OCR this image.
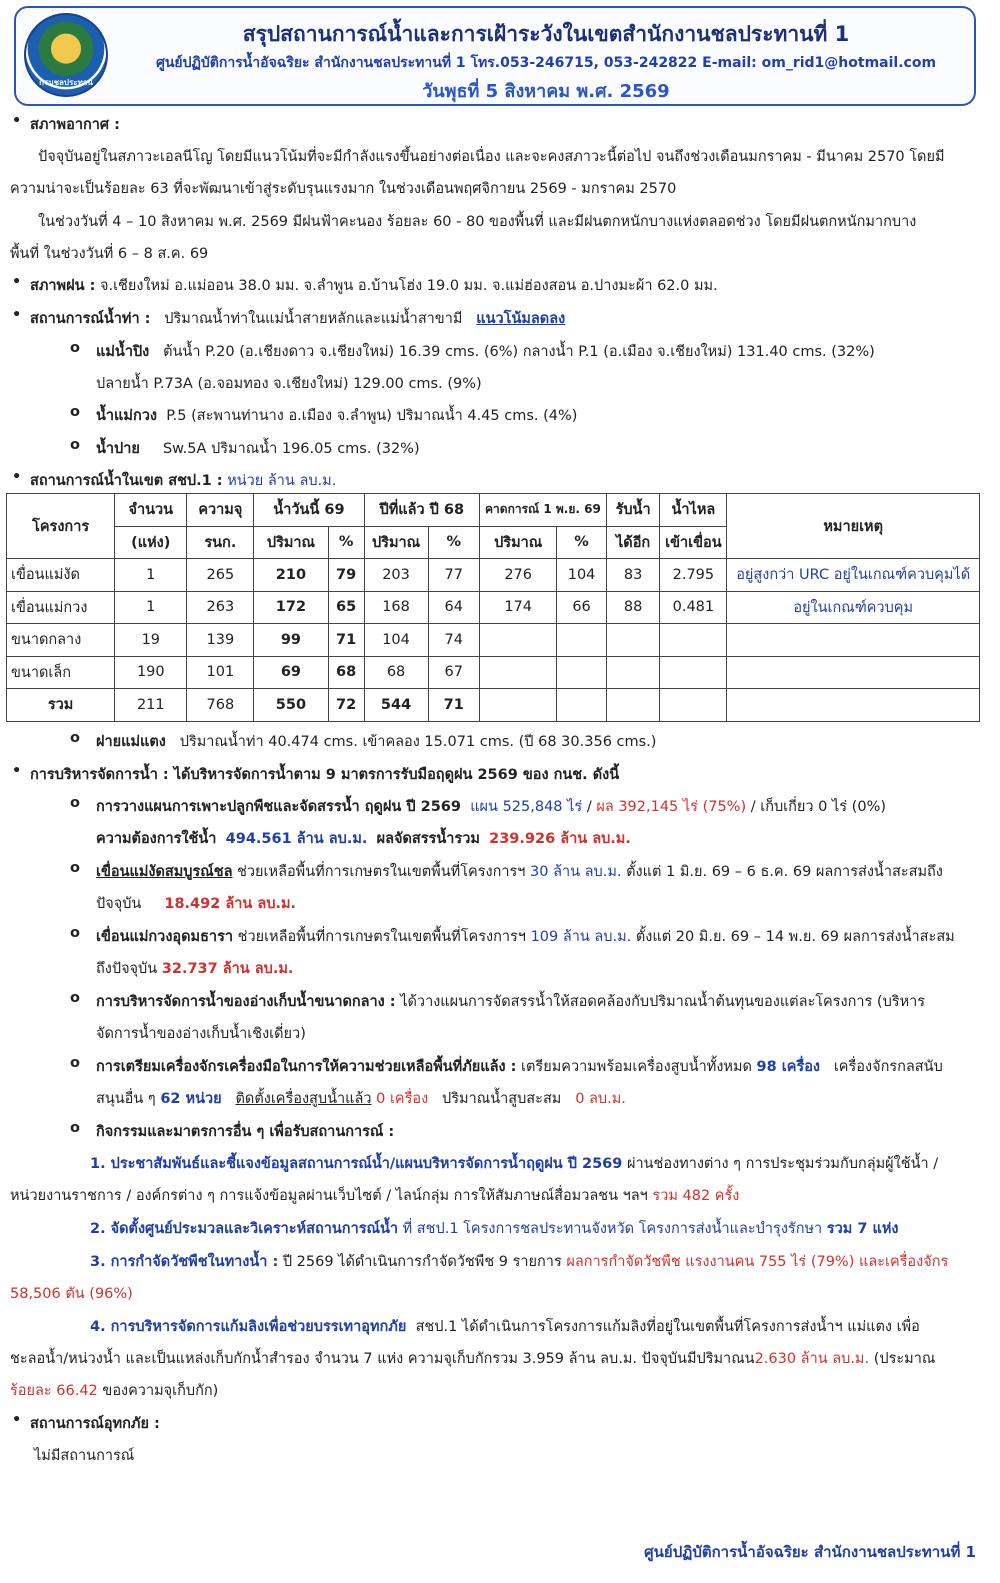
กรมชลประทาน
สรุปสถานการณ์น้ำและการเฝ้าระวังในเขตสำนักงานชลประทานที่ 1
ศูนย์ปฏิบัติการน้ำอัจฉริยะ สำนักงานชลประทานที่ 1 โทร.053-246715, 053-242822 E-mail: om_rid1@hotmail.com
วันพุธที่ 5 สิงหาคม พ.ศ. 2569
• สภาพอากาศ :
ปัจจุบันอยู่ในสภาวะเอลนีโญ โดยมีแนวโน้มที่จะมีกำลังแรงขึ้นอย่างต่อเนื่อง และจะคงสภาวะนี้ต่อไป จนถึงช่วงเดือนมกราคม - มีนาคม 2570 โดยมี
ความน่าจะเป็นร้อยละ 63 ที่จะพัฒนาเข้าสู่ระดับรุนแรงมาก ในช่วงเดือนพฤศจิกายน 2569 - มกราคม 2570
ในช่วงวันที่ 4 – 10 สิงหาคม พ.ศ. 2569 มีฝนฟ้าคะนอง ร้อยละ 60 - 80 ของพื้นที่ และมีฝนตกหนักบางแห่งตลอดช่วง โดยมีฝนตกหนักมากบาง
พื้นที่ ในช่วงวันที่ 6 – 8 ส.ค. 69
สภาพฝน : จ.เชียงใหม่ อ.แม่ออน 38.0 มม. จ.ลำพูน อ.บ้านโฮ่ง 19.0 มม. จ.แม่ฮ่องสอน อ.ปางมะผ้า 62.0 มม.
•
• สถานการณ์น้ำท่า : ปริมาณน้ำท่าในแม่น้ำสายหลักและแม่น้ำสาขามี แนวโน้มลดลง
o แม่น้ำปิง ต้นน้ำ P.20 (อ.เชียงดาว จ.เชียงใหม่) 16.39 cms. (6%) กลางน้ำ P.1 (อ.เมือง จ.เชียงใหม่) 131.40 cms. (32%)
ปลายน้ำ P.73A (อ.จอมทอง จ.เชียงใหม่) 129.00 cms. (9%)
o น้ำแม่กวง P.5 (สะพานท่านาง อ.เมือง จ.ลำพูน) ปริมาณน้ำ 4.45 cms. (4%)
o น้ำปาย Sw.5A ปริมาณน้ำ 196.05 cms. (32%)
• สถานการณ์น้ำในเขต สชป.1 : หน่วย ล้าน ลบ.ม.
โครงการ	จำนวน	ความจุ	น้ำวันนี้ 69		ปีที่แล้ว ปี 68		คาดการณ์ 1 พ.ย. 69		รับน้ำ	น้ำไหล	หมายเหตุ
	(แห่ง)	รนก.	ปริมาณ	%	ปริมาณ	%	ปริมาณ	%	ได้อีก	เข้าเขื่อน	
เขื่อนแม่งัด	1	265	210	79	203	77	276	104	83	2.795	อยู่สูงกว่า URC อยู่ในเกณฑ์ควบคุมได้
เขื่อนแม่กวง	1	263	172	65	168	64	174	66	88	0.481	อยู่ในเกณฑ์ควบคุม
ขนาดกลาง	19	139	99	71	104	74					
ขนาดเล็ก	190	101	69	68	68	67					
รวม	211	768	550	72	544	71					
o ฝายแม่แตง ปริมาณน้ำท่า 40.474 cms. เข้าคลอง 15.071 cms. (ปี 68 30.356 cms.)
• การบริหารจัดการน้ำ : ได้บริหารจัดการน้ำตาม 9 มาตรการรับมือฤดูฝน 2569 ของ กนช. ดังนี้
o การวางแผนการเพาะปลูกพืชและจัดสรรน้ำ ฤดูฝน ปี 2569 แผน 525,848 ไร่ / ผล 392,145 ไร่ (75%) / เก็บเกี่ยว 0 ไร่ (0%)
ความต้องการใช้น้ำ 494.561 ล้าน ลบ.ม. ผลจัดสรรน้ำรวม 239.926 ล้าน ลบ.ม.
o เขื่อนแม่งัดสมบูรณ์ชล ช่วยเหลือพื้นที่การเกษตรในเขตพื้นที่โครงการฯ 30 ล้าน ลบ.ม. ตั้งแต่ 1 มิ.ย. 69 – 6 ธ.ค. 69 ผลการส่งน้ำสะสมถึง
ปัจจุบัน 18.492 ล้าน ลบ.ม.
o เขื่อนแม่กวงอุดมธารา ช่วยเหลือพื้นที่การเกษตรในเขตพื้นที่โครงการฯ 109 ล้าน ลบ.ม. ตั้งแต่ 20 มิ.ย. 69 – 14 พ.ย. 69 ผลการส่งน้ำสะสม
ถึงปัจจุบัน 32.737 ล้าน ลบ.ม.
o การบริหารจัดการน้ำของอ่างเก็บน้ำขนาดกลาง : ได้วางแผนการจัดสรรน้ำให้สอดคล้องกับปริมาณน้ำต้นทุนของแต่ละโครงการ (บริหาร
จัดการน้ำของอ่างเก็บน้ำเชิงเดี่ยว)
o การเตรียมเครื่องจักรเครื่องมือในการให้ความช่วยเหลือพื้นที่ภัยแล้ง : เตรียมความพร้อมเครื่องสูบน้ำทั้งหมด 98 เครื่อง เครื่องจักรกลสนับ
สนุนอื่น ๆ 62 หน่วย ติดตั้งเครื่องสูบน้ำแล้ว 0 เครื่อง ปริมาณน้ำสูบสะสม 0 ลบ.ม.
o กิจกรรมและมาตรการอื่น ๆ เพื่อรับสถานการณ์ :
1. ประชาสัมพันธ์และชี้แจงข้อมูลสถานการณ์น้ำ/แผนบริหารจัดการน้ำฤดูฝน ปี 2569 ผ่านช่องทางต่าง ๆ การประชุมร่วมกับกลุ่มผู้ใช้น้ำ /
หน่วยงานราชการ / องค์กรต่าง ๆ การแจ้งข้อมูลผ่านเว็บไซต์ / ไลน์กลุ่ม การให้สัมภาษณ์สื่อมวลชน ฯลฯ รวม 482 ครั้ง
2. จัดตั้งศูนย์ประมวลและวิเคราะห์สถานการณ์น้ำ ที่ สชป.1 โครงการชลประทานจังหวัด โครงการส่งน้ำและบำรุงรักษา รวม 7 แห่ง
3. การกำจัดวัชพืชในทางน้ำ : ปี 2569 ได้ดำเนินการกำจัดวัชพืช 9 รายการ ผลการกำจัดวัชพืช แรงงานคน 755 ไร่ (79%) และเครื่องจักร
58,506 ตัน (96%)
4. การบริหารจัดการแก้มลิงเพื่อช่วยบรรเทาอุทกภัย สชป.1 ได้ดำเนินการโครงการแก้มลิงที่อยู่ในเขตพื้นที่โครงการส่งน้ำฯ แม่แตง เพื่อ
ชะลอน้ำ/หน่วงน้ำ และเป็นแหล่งเก็บกักน้ำสำรอง จำนวน 7 แห่ง ความจุเก็บกักรวม 3.959 ล้าน ลบ.ม. ปัจจุบันมีปริมาณน2.630 ล้าน ลบ.ม. (ประมาณ
ร้อยละ 66.42 ของความจุเก็บกัก)
• สถานการณ์อุทกภัย :
ไม่มีสถานการณ์
ศูนย์ปฏิบัติการน้ำอัจฉริยะ สำนักงานชลประทานที่ 1
